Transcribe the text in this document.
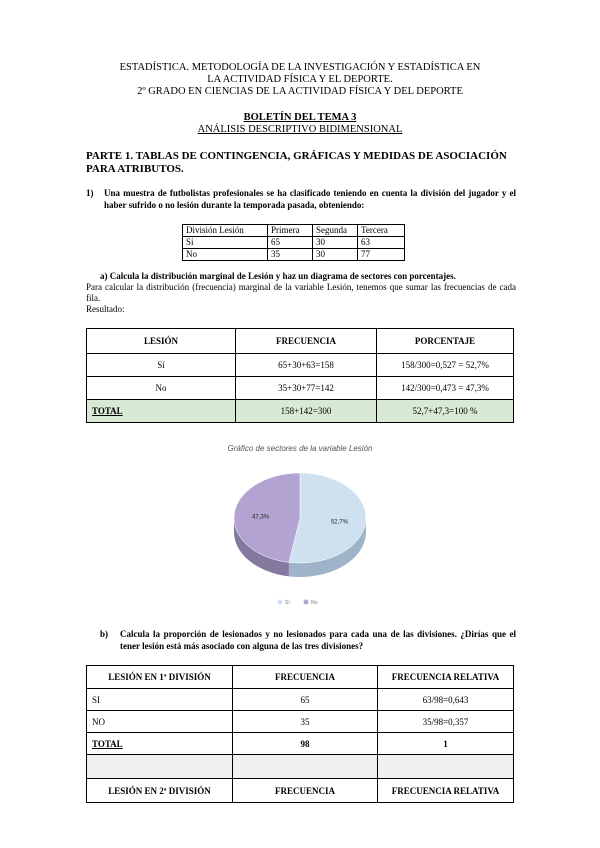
ESTADÍSTICA. METODOLOGÍA DE LA INVESTIGACIÓN Y ESTADÍSTICA EN
LA ACTIVIDAD FÍSICA Y EL DEPORTE.
2º GRADO EN CIENCIAS DE LA ACTIVIDAD FÍSICA Y DEL DEPORTE
BOLETÍN DEL TEMA 3
ANÁLISIS DESCRIPTIVO BIDIMENSIONAL
PARTE 1. TABLAS DE CONTINGENCIA, GRÁFICAS Y MEDIDAS DE ASOCIACIÓN PARA ATRIBUTOS.
1) Una muestra de futbolistas profesionales se ha clasificado teniendo en cuenta la división del jugador y el haber sufrido o no lesión durante la temporada pasada, obteniendo:
División Lesión	Primera	Segunda	Tercera
Sí	65	30	63
No	35	30	77
a) Calcula la distribución marginal de Lesión y haz un diagrama de sectores con porcentajes.
Para calcular la distribución (frecuencia) marginal de la variable Lesión, tenemos que sumar las frecuencias de cada fila.
Resultado:
LESIÓN	FRECUENCIA	PORCENTAJE
Sí	65+30+63=158	158/300=0,527 = 52,7%
No	35+30+77=142	142/300=0,473 = 47,3%
TOTAL	158+142=300	52,7+47,3=100 %
Gráfico de sectores de la variable Lesión
52,7%
47,3%
Sí	No
b) Calcula la proporción de lesionados y no lesionados para cada una de las divisiones. ¿Dirías que el tener lesión está más asociado con alguna de las tres divisiones?
LESIÓN EN 1ª DIVISIÓN	FRECUENCIA	FRECUENCIA RELATIVA
SI	65	63/98=0,643
NO	35	35/98=0,357
TOTAL	98	1

LESIÓN EN 2ª DIVISIÓN	FRECUENCIA	FRECUENCIA RELATIVA
